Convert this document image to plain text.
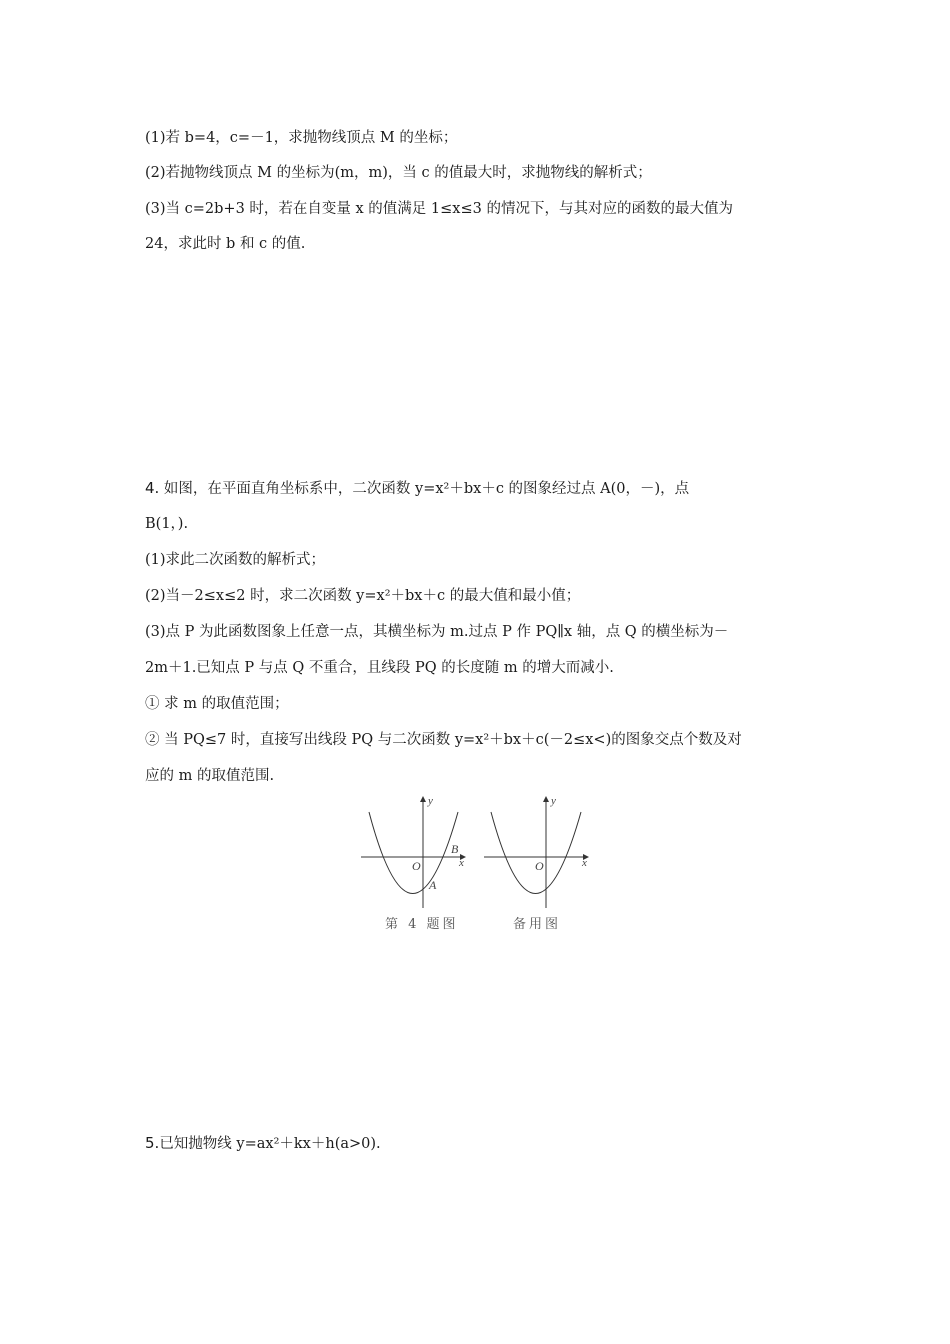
(1)若 b=4，c=－1，求抛物线顶点 M 的坐标；
(2)若抛物线顶点 M 的坐标为(m，m)，当 c 的值最大时，求抛物线的解析式；
(3)当 c=2b+3 时，若在自变量 x 的值满足 1≤x≤3 的情况下，与其对应的函数的最大值为
24，求此时 b 和 c 的值.
4. 如图，在平面直角坐标系中，二次函数 y=x²＋bx＋c 的图象经过点 A(0，－)，点
B(1，).
(1)求此二次函数的解析式；
(2)当－2≤x≤2 时，求二次函数 y=x²＋bx＋c 的最大值和最小值；
(3)点 P 为此函数图象上任意一点，其横坐标为 m.过点 P 作 PQ∥x 轴，点 Q 的横坐标为－
2m＋1.已知点 P 与点 Q 不重合，且线段 PQ 的长度随 m 的增大而减小.
① 求 m 的取值范围；
② 当 PQ≤7 时，直接写出线段 PQ 与二次函数 y=x²＋bx＋c(－2≤x<)的图象交点个数及对
应的 m 的取值范围.
y
x
O
B
A
第 4 题图
y
x
O
备用图
5.已知抛物线 y=ax²＋kx＋h(a>0).
